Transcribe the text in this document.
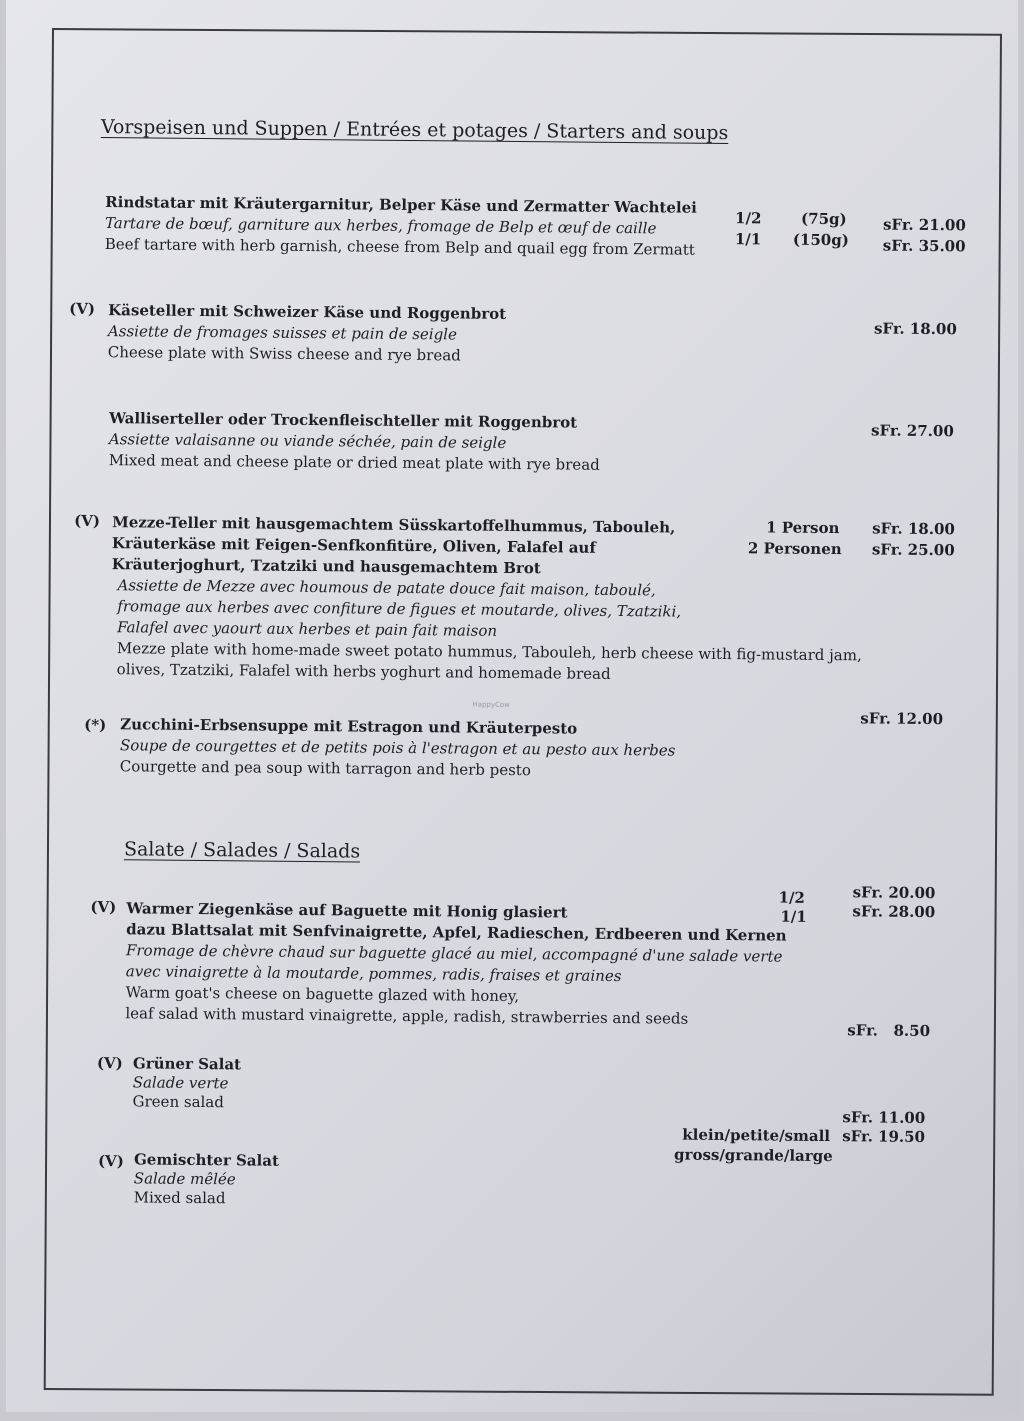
Vorspeisen und Suppen / Entrées et potages / Starters and soups
Rindstatar mit Kräutergarnitur, Belper Käse und Zermatter Wachtelei
Tartare de bœuf, garniture aux herbes, fromage de Belp et œuf de caille
Beef tartare with herb garnish, cheese from Belp and quail egg from Zermatt
1/2	(75g) sFr. 21.00
1/1 (150g) sFr. 35.00
(V) Käseteller mit Schweizer Käse und Roggenbrot
Assiette de fromages suisses et pain de seigle
Cheese plate with Swiss cheese and rye bread
sFr. 18.00
Walliserteller oder Trockenfleischteller mit Roggenbrot
Assiette valaisanne ou viande séchée, pain de seigle
Mixed meat and cheese plate or dried meat plate with rye bread
sFr. 27.00
(V) Mezze-Teller mit hausgemachtem Süsskartoffelhummus, Tabouleh,
Kräuterkäse mit Feigen-Senfkonfitüre, Oliven, Falafel auf
Kräuterjoghurt, Tzatziki und hausgemachtem Brot
Assiette de Mezze avec houmous de patate douce fait maison, taboulé,
fromage aux herbes avec confiture de figues et moutarde, olives, Tzatziki,
Falafel avec yaourt aux herbes et pain fait maison
Mezze plate with home-made sweet potato hummus, Tabouleh, herb cheese with fig-mustard jam,
olives, Tzatziki, Falafel with herbs yoghurt and homemade bread
1 Person sFr. 18.00
2 Personen sFr. 25.00
HappyCow
(*) Zucchini-Erbsensuppe mit Estragon und Kräuterpesto
Soupe de courgettes et de petits pois à l'estragon et au pesto aux herbes
Courgette and pea soup with tarragon and herb pesto
sFr. 12.00
Salate / Salades / Salads
(V) Warmer Ziegenkäse auf Baguette mit Honig glasiert
dazu Blattsalat mit Senfvinaigrette, Apfel, Radieschen, Erdbeeren und Kernen
Fromage de chèvre chaud sur baguette glacé au miel, accompagné d'une salade verte
avec vinaigrette à la moutarde, pommes, radis, fraises et graines
Warm goat's cheese on baguette glazed with honey,
leaf salad with mustard vinaigrette, apple, radish, strawberries and seeds
1/2	sFr. 20.00
1/1	sFr. 28.00
sFr.   8.50
(V) Grüner Salat
Salade verte
Green salad
klein/petite/small
sFr. 11.00
gross/grande/large
sFr. 19.50
(V) Gemischter Salat
Salade mêlée
Mixed salad
